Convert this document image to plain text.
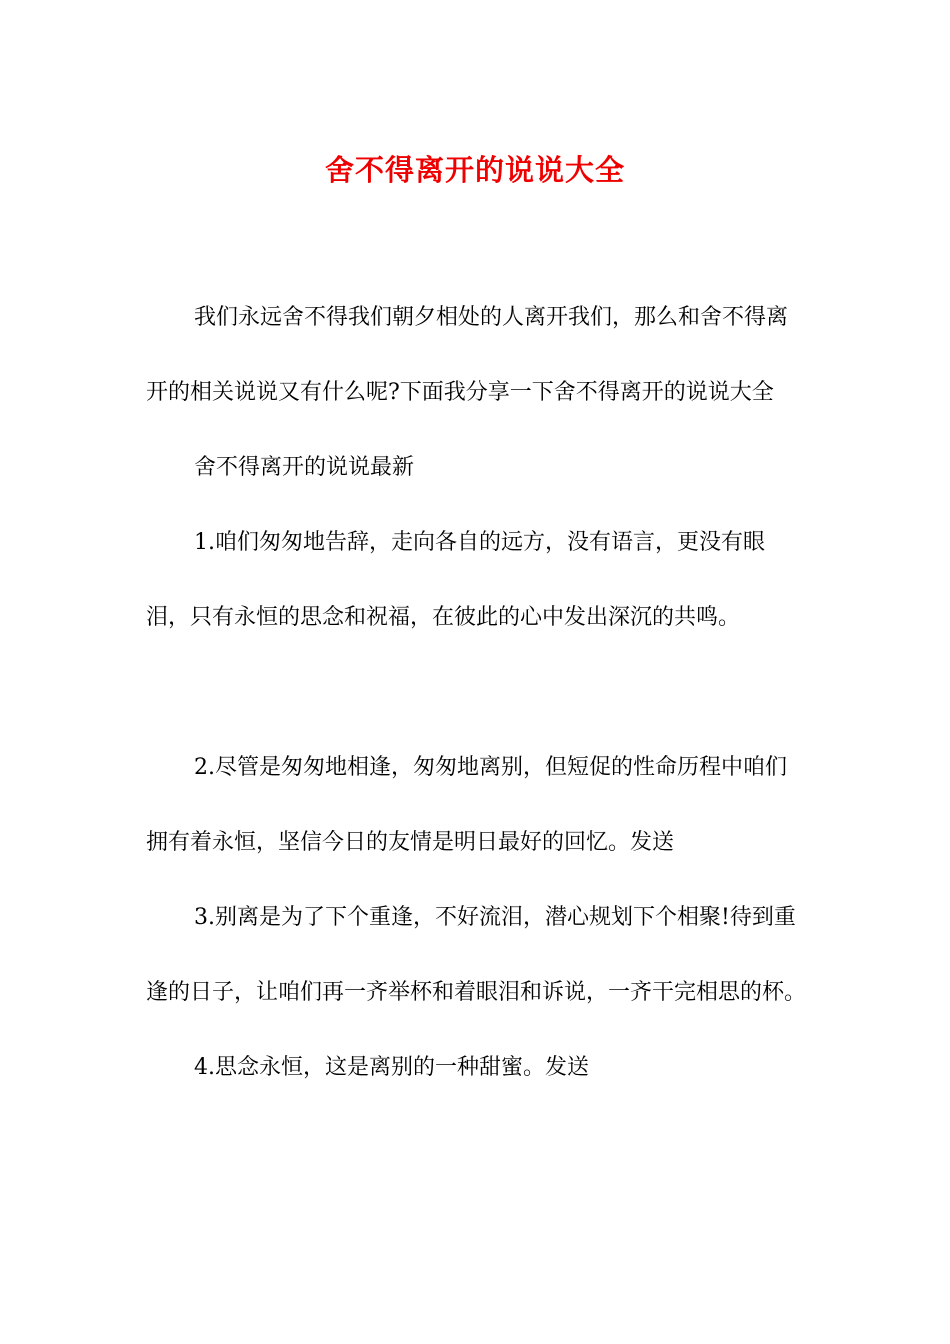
舍不得离开的说说大全

我们永远舍不得我们朝夕相处的人离开我们，那么和舍不得离开的相关说说又有什么呢?下面我分享一下舍不得离开的说说大全

舍不得离开的说说最新

1.咱们匆匆地告辞，走向各自的远方，没有语言，更没有眼泪，只有永恒的思念和祝福，在彼此的心中发出深沉的共鸣。

2.尽管是匆匆地相逢，匆匆地离别，但短促的性命历程中咱们拥有着永恒，坚信今日的友情是明日最好的回忆。发送

3.别离是为了下个重逢，不好流泪，潜心规划下个相聚!待到重逢的日子，让咱们再一齐举杯和着眼泪和诉说，一齐干完相思的杯。

4.思念永恒，这是离别的一种甜蜜。发送
